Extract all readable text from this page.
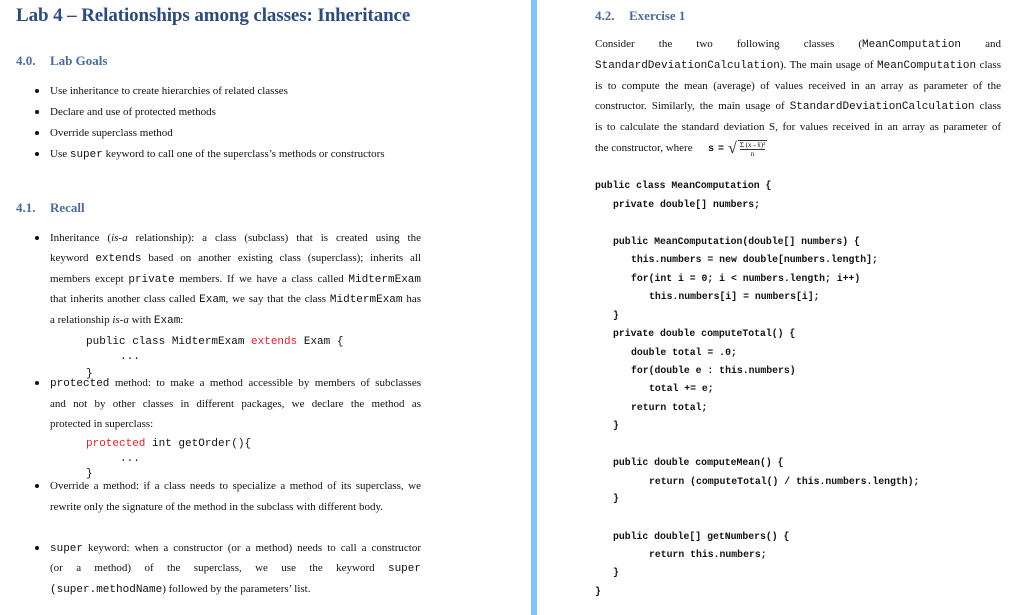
Lab 4 – Relationships among classes: Inheritance
4.0. Lab Goals
4.1. Recall
Use inheritance to create hierarchies of related classes
Declare and use of protected methods
Override superclass method
Use super keyword to call one of the superclass’s methods or constructors
Inheritance (is-a relationship): a class (subclass) that is created using the
keyword extends based on another existing class (superclass); inherits all
members except private members. If we have a class called MidtermExam
that inherits another class called Exam, we say that the class MidtermExam has
a relationship is-a with Exam:
public class MidtermExam extends Exam {
...
}
protected method: to make a method accessible by members of subclasses
and not by other classes in different packages, we declare the method as
protected in superclass:
protected int getOrder(){
...
}
Override a method: if a class needs to specialize a method of its superclass, we
rewrite only the signature of the method in the subclass with different body.
super keyword: when a constructor (or a method) needs to call a constructor
(or a method) of the superclass, we use the keyword super
(super.methodName) followed by the parameters’ list.
4.2. Exercise 1
Consider the two following classes (MeanComputation and
StandardDeviationCalculation). The main usage of MeanComputation class
is to compute the mean (average) of values received in an array as parameter of the
constructor. Similarly, the main usage of StandardDeviationCalculation class
is to calculate the standard deviation S, for values received in an array as parameter of
the constructor, where s = √ $\frac{\text{Σ (x - x̄)²}}{n}$
public class MeanComputation {
private double[] numbers;
public MeanComputation(double[] numbers) {
this.numbers = new double[numbers.length];
for(int i = 0; i < numbers.length; i++)
this.numbers[i] = numbers[i];
}
private double computeTotal() {
double total = .0;
for(double e : this.numbers)
total += e;
return total;
}
public double computeMean() {
return (computeTotal() / this.numbers.length);
}
public double[] getNumbers() {
return this.numbers;
}
}
